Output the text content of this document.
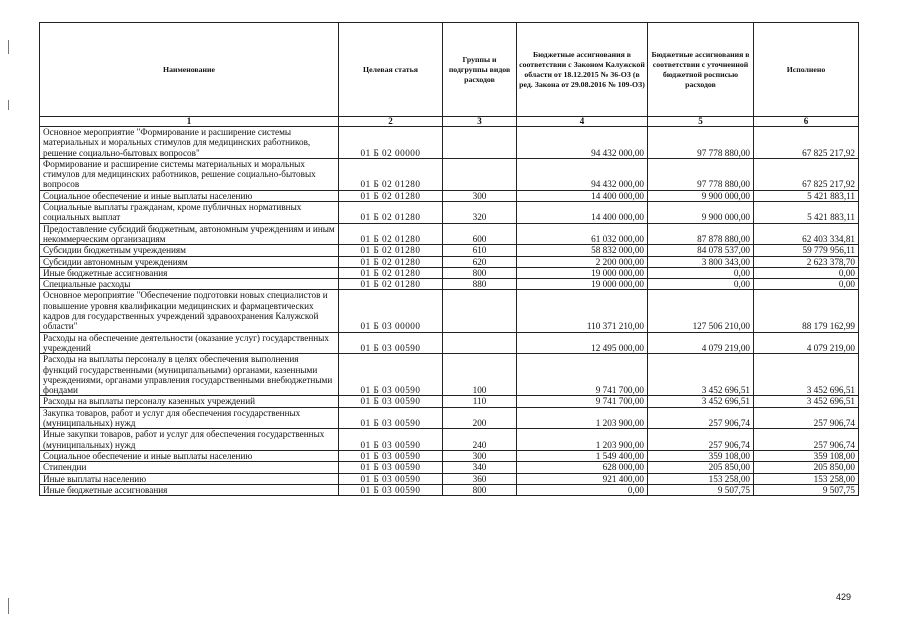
Наименование	Целевая статья	Группы и подгруппы видов расходов	Бюджетные ассигнования в соответствии с Законом Калужской области от 18.12.2015 № 36-ОЗ (в ред. Закона от 29.08.2016 № 109-ОЗ)	Бюджетные ассигнования в соответствии с уточненной бюджетной росписью расходов	Исполнено
1	2	3	4	5	6
Основное мероприятие "Формирование и расширение системы материальных и моральных стимулов для медицинских работников, решение социально-бытовых вопросов"	01 Б 02 00000		94 432 000,00	97 778 880,00	67 825 217,92
Формирование и расширение системы материальных и моральных стимулов для медицинских работников, решение социально-бытовых вопросов	01 Б 02 01280		94 432 000,00	97 778 880,00	67 825 217,92
Социальное обеспечение и иные выплаты населению	01 Б 02 01280	300	14 400 000,00	9 900 000,00	5 421 883,11
Социальные выплаты гражданам, кроме публичных нормативных социальных выплат	01 Б 02 01280	320	14 400 000,00	9 900 000,00	5 421 883,11
Предоставление субсидий бюджетным, автономным учреждениям и иным некоммерческим организациям	01 Б 02 01280	600	61 032 000,00	87 878 880,00	62 403 334,81
Субсидии бюджетным учреждениям	01 Б 02 01280	610	58 832 000,00	84 078 537,00	59 779 956,11
Субсидии автономным учреждениям	01 Б 02 01280	620	2 200 000,00	3 800 343,00	2 623 378,70
Иные бюджетные ассигнования	01 Б 02 01280	800	19 000 000,00	0,00	0,00
Специальные расходы	01 Б 02 01280	880	19 000 000,00	0,00	0,00
Основное мероприятие "Обеспечение подготовки новых специалистов и повышение уровня квалификации медицинских и фармацевтических кадров для государственных учреждений здравоохранения Калужской области"	01 Б 03 00000		110 371 210,00	127 506 210,00	88 179 162,99
Расходы на обеспечение деятельности (оказание услуг) государственных учреждений	01 Б 03 00590		12 495 000,00	4 079 219,00	4 079 219,00
Расходы на выплаты персоналу в целях обеспечения выполнения функций государственными (муниципальными) органами, казенными учреждениями, органами управления государственными внебюджетными фондами	01 Б 03 00590	100	9 741 700,00	3 452 696,51	3 452 696,51
Расходы на выплаты персоналу казенных учреждений	01 Б 03 00590	110	9 741 700,00	3 452 696,51	3 452 696,51
Закупка товаров, работ и услуг для обеспечения государственных (муниципальных) нужд	01 Б 03 00590	200	1 203 900,00	257 906,74	257 906,74
Иные закупки товаров, работ и услуг для обеспечения государственных (муниципальных) нужд	01 Б 03 00590	240	1 203 900,00	257 906,74	257 906,74
Социальное обеспечение и иные выплаты населению	01 Б 03 00590	300	1 549 400,00	359 108,00	359 108,00
Стипендии	01 Б 03 00590	340	628 000,00	205 850,00	205 850,00
Иные выплаты населению	01 Б 03 00590	360	921 400,00	153 258,00	153 258,00
Иные бюджетные ассигнования	01 Б 03 00590	800	0,00	9 507,75	9 507,75
429
